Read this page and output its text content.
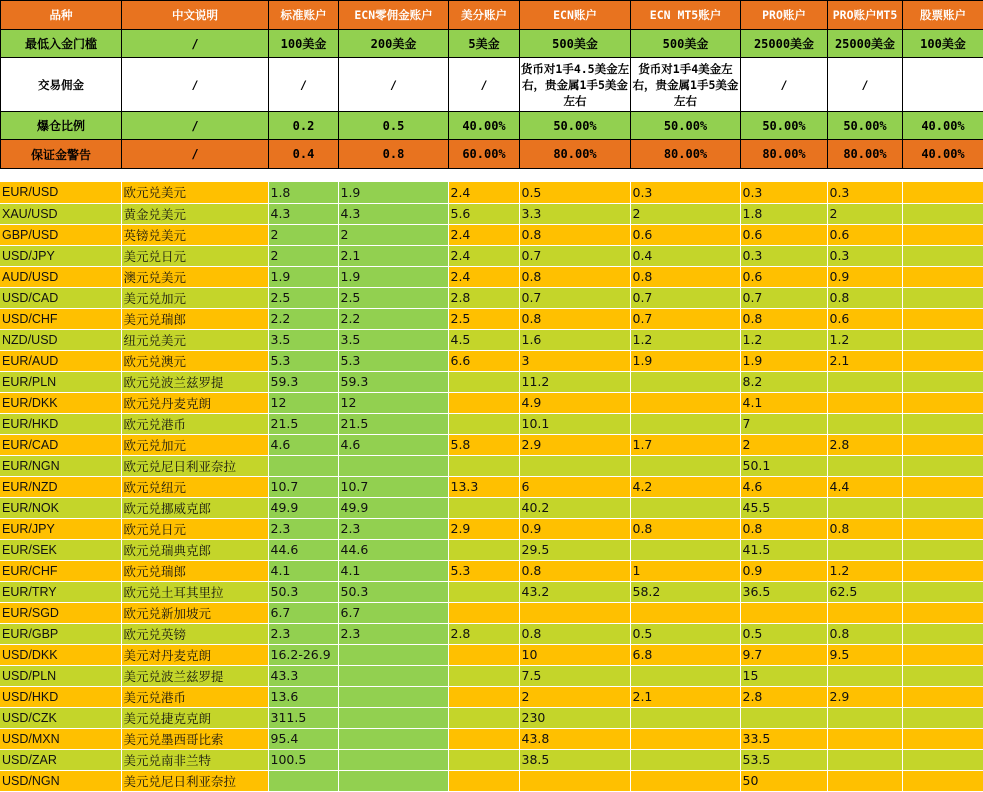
品种	中文说明	标准账户	ECN零佣金账户	美分账户	ECN账户	ECN MT5账户	PRO账户	PRO账户MT5	股票账户
最低入金门槛	/	100美金	200美金	5美金	500美金	500美金	25000美金	25000美金	100美金
交易佣金	/	/	/	/	货币对1手4.5美金左右，贵金属1手5美金左右	货币对1手4美金左右，贵金属1手5美金左右	/	/	
爆仓比例	/	0.2	0.5	40.00%	50.00%	50.00%	50.00%	50.00%	40.00%
保证金警告	/	0.4	0.8	60.00%	80.00%	80.00%	80.00%	80.00%	40.00%
EUR/USD	欧元兑美元	1.8	1.9	2.4	0.5	0.3	0.3	0.3	
XAU/USD	黄金兑美元	4.3	4.3	5.6	3.3	2	1.8	2	
GBP/USD	英镑兑美元	2	2	2.4	0.8	0.6	0.6	0.6	
USD/JPY	美元兑日元	2	2.1	2.4	0.7	0.4	0.3	0.3	
AUD/USD	澳元兑美元	1.9	1.9	2.4	0.8	0.8	0.6	0.9	
USD/CAD	美元兑加元	2.5	2.5	2.8	0.7	0.7	0.7	0.8	
USD/CHF	美元兑瑞郎	2.2	2.2	2.5	0.8	0.7	0.8	0.6	
NZD/USD	纽元兑美元	3.5	3.5	4.5	1.6	1.2	1.2	1.2	
EUR/AUD	欧元兑澳元	5.3	5.3	6.6	3	1.9	1.9	2.1	
EUR/PLN	欧元兑波兰兹罗提	59.3	59.3		11.2		8.2		
EUR/DKK	欧元兑丹麦克朗	12	12		4.9		4.1		
EUR/HKD	欧元兑港币	21.5	21.5		10.1		7		
EUR/CAD	欧元兑加元	4.6	4.6	5.8	2.9	1.7	2	2.8	
EUR/NGN	欧元兑尼日利亚奈拉						50.1		
EUR/NZD	欧元兑纽元	10.7	10.7	13.3	6	4.2	4.6	4.4	
EUR/NOK	欧元兑挪威克郎	49.9	49.9		40.2		45.5		
EUR/JPY	欧元兑日元	2.3	2.3	2.9	0.9	0.8	0.8	0.8	
EUR/SEK	欧元兑瑞典克郎	44.6	44.6		29.5		41.5		
EUR/CHF	欧元兑瑞郎	4.1	4.1	5.3	0.8	1	0.9	1.2	
EUR/TRY	欧元兑土耳其里拉	50.3	50.3		43.2	58.2	36.5	62.5	
EUR/SGD	欧元兑新加坡元	6.7	6.7						
EUR/GBP	欧元兑英镑	2.3	2.3	2.8	0.8	0.5	0.5	0.8	
USD/DKK	美元对丹麦克朗	16.2-26.9			10	6.8	9.7	9.5	
USD/PLN	美元兑波兰兹罗提	43.3			7.5		15		
USD/HKD	美元兑港币	13.6			2	2.1	2.8	2.9	
USD/CZK	美元兑捷克克朗	311.5			230				
USD/MXN	美元兑墨西哥比索	95.4			43.8		33.5		
USD/ZAR	美元兑南非兰特	100.5			38.5		53.5		
USD/NGN	美元兑尼日利亚奈拉						50		
